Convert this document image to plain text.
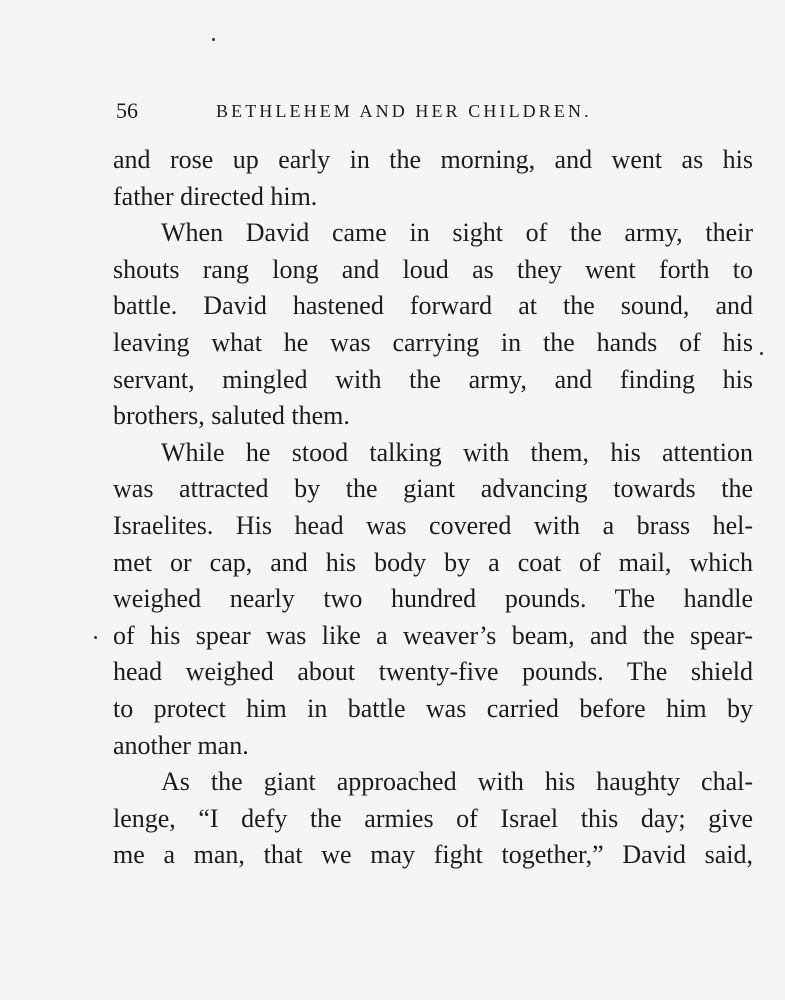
56	BETHLEHEM AND HER CHILDREN.
and rose up early in the morning, and went as his
father directed him.
When David came in sight of the army, their
shouts rang long and loud as they went forth to
battle. David hastened forward at the sound, and
leaving what he was carrying in the hands of his
servant, mingled with the army, and finding his
brothers, saluted them.
While he stood talking with them, his attention
was attracted by the giant advancing towards the
Israelites. His head was covered with a brass hel-
met or cap, and his body by a coat of mail, which
weighed nearly two hundred pounds. The handle
of his spear was like a weaver’s beam, and the spear-
head weighed about twenty-five pounds. The shield
to protect him in battle was carried before him by
another man.
As the giant approached with his haughty chal-
lenge, “I defy the armies of Israel this day; give
me a man, that we may fight together,” David said,
